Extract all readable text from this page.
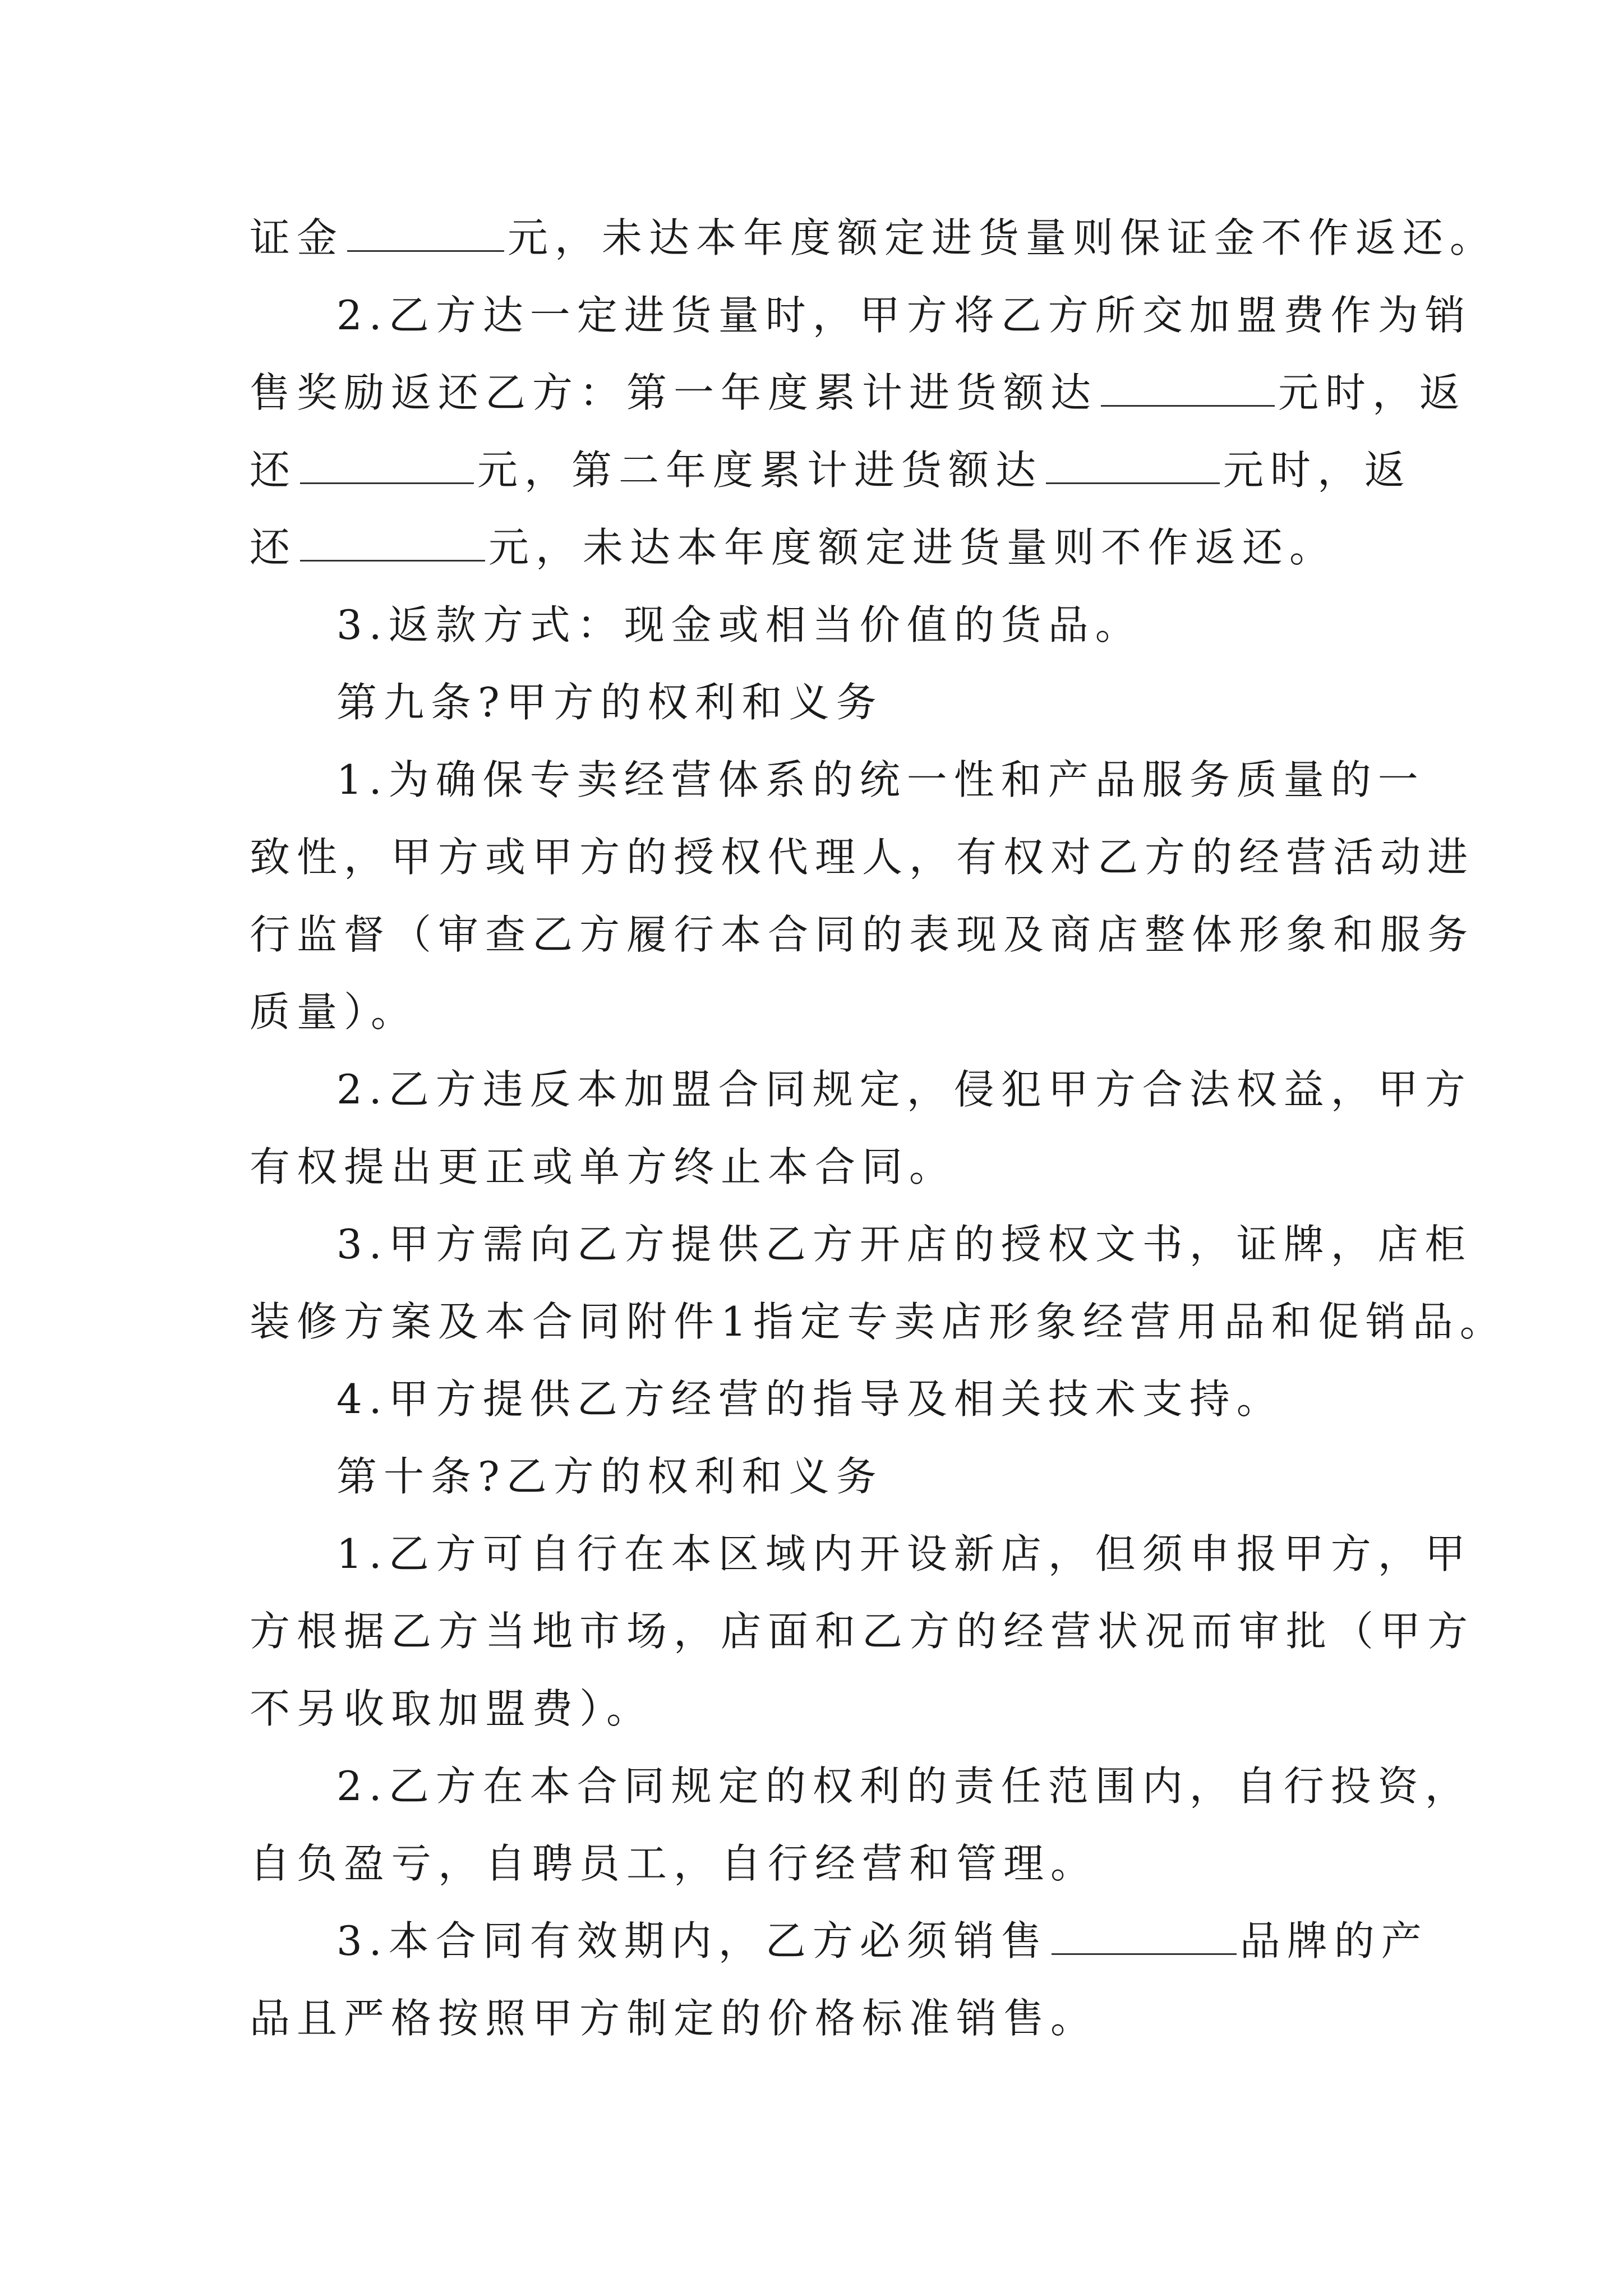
证金	元，未达本年度额定进货量则保证金不作返还。
2.乙方达一定进货量时，甲方将乙方所交加盟费作为销
售奖励返还乙方：第一年度累计进货额达	元时，返
还	元，第二年度累计进货额达	元时，返
还	元，未达本年度额定进货量则不作返还。
3.返款方式：现金或相当价值的货品。
第九条?甲方的权利和义务
1.为确保专卖经营体系的统一性和产品服务质量的一
致性，甲方或甲方的授权代理人，有权对乙方的经营活动进
行监督（审查乙方履行本合同的表现及商店整体形象和服务
质量）。
2.乙方违反本加盟合同规定，侵犯甲方合法权益，甲方
有权提出更正或单方终止本合同。
3.甲方需向乙方提供乙方开店的授权文书，证牌，店柜
装修方案及本合同附件1指定专卖店形象经营用品和促销品。
4.甲方提供乙方经营的指导及相关技术支持。
第十条?乙方的权利和义务
1.乙方可自行在本区域内开设新店，但须申报甲方，甲
方根据乙方当地市场，店面和乙方的经营状况而审批（甲方
不另收取加盟费）。
2.乙方在本合同规定的权利的责任范围内，自行投资，
自负盈亏，自聘员工，自行经营和管理。
3.本合同有效期内，乙方必须销售	品牌的产
品且严格按照甲方制定的价格标准销售。
